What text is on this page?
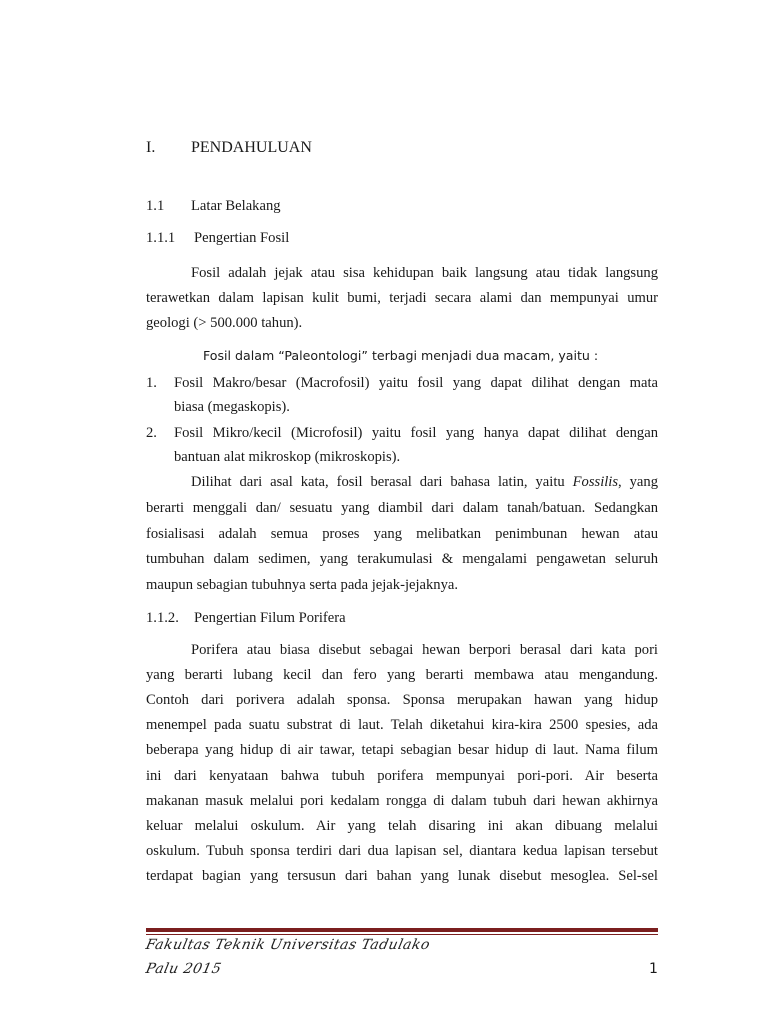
I. PENDAHULUAN
1.1 Latar Belakang
1.1.1 Pengertian Fosil
Fosil adalah jejak atau sisa kehidupan baik langsung atau tidak langsung
terawetkan dalam lapisan kulit bumi, terjadi secara alami dan mempunyai umur
geologi (> 500.000 tahun).
Fosil dalam “Paleontologi” terbagi menjadi dua macam, yaitu :
1. Fosil Makro/besar (Macrofosil) yaitu fosil yang dapat dilihat dengan mata
biasa (megaskopis).
2. Fosil Mikro/kecil (Microfosil) yaitu fosil yang hanya dapat dilihat dengan
bantuan alat mikroskop (mikroskopis).
Dilihat dari asal kata, fosil berasal dari bahasa latin, yaitu Fossilis, yang
berarti menggali dan/ sesuatu yang diambil dari dalam tanah/batuan. Sedangkan
fosialisasi adalah semua proses yang melibatkan penimbunan hewan atau
tumbuhan dalam sedimen, yang terakumulasi & mengalami pengawetan seluruh
maupun sebagian tubuhnya serta pada jejak-jejaknya.
1.1.2. Pengertian Filum Porifera
Porifera atau biasa disebut sebagai hewan berpori berasal dari kata pori
yang berarti lubang kecil dan fero yang berarti membawa atau mengandung.
Contoh dari porivera adalah sponsa. Sponsa merupakan hawan yang hidup
menempel pada suatu substrat di laut. Telah diketahui kira-kira 2500 spesies, ada
beberapa yang hidup di air tawar, tetapi sebagian besar hidup di laut. Nama filum
ini dari kenyataan bahwa tubuh porifera mempunyai pori-pori. Air beserta
makanan masuk melalui pori kedalam rongga di dalam tubuh dari hewan akhirnya
keluar melalui oskulum. Air yang telah disaring ini akan dibuang melalui
oskulum. Tubuh sponsa terdiri dari dua lapisan sel, diantara kedua lapisan tersebut
terdapat bagian yang tersusun dari bahan yang lunak disebut mesoglea. Sel-sel
Fakultas Teknik Universitas Tadulako
Palu 2015	1
